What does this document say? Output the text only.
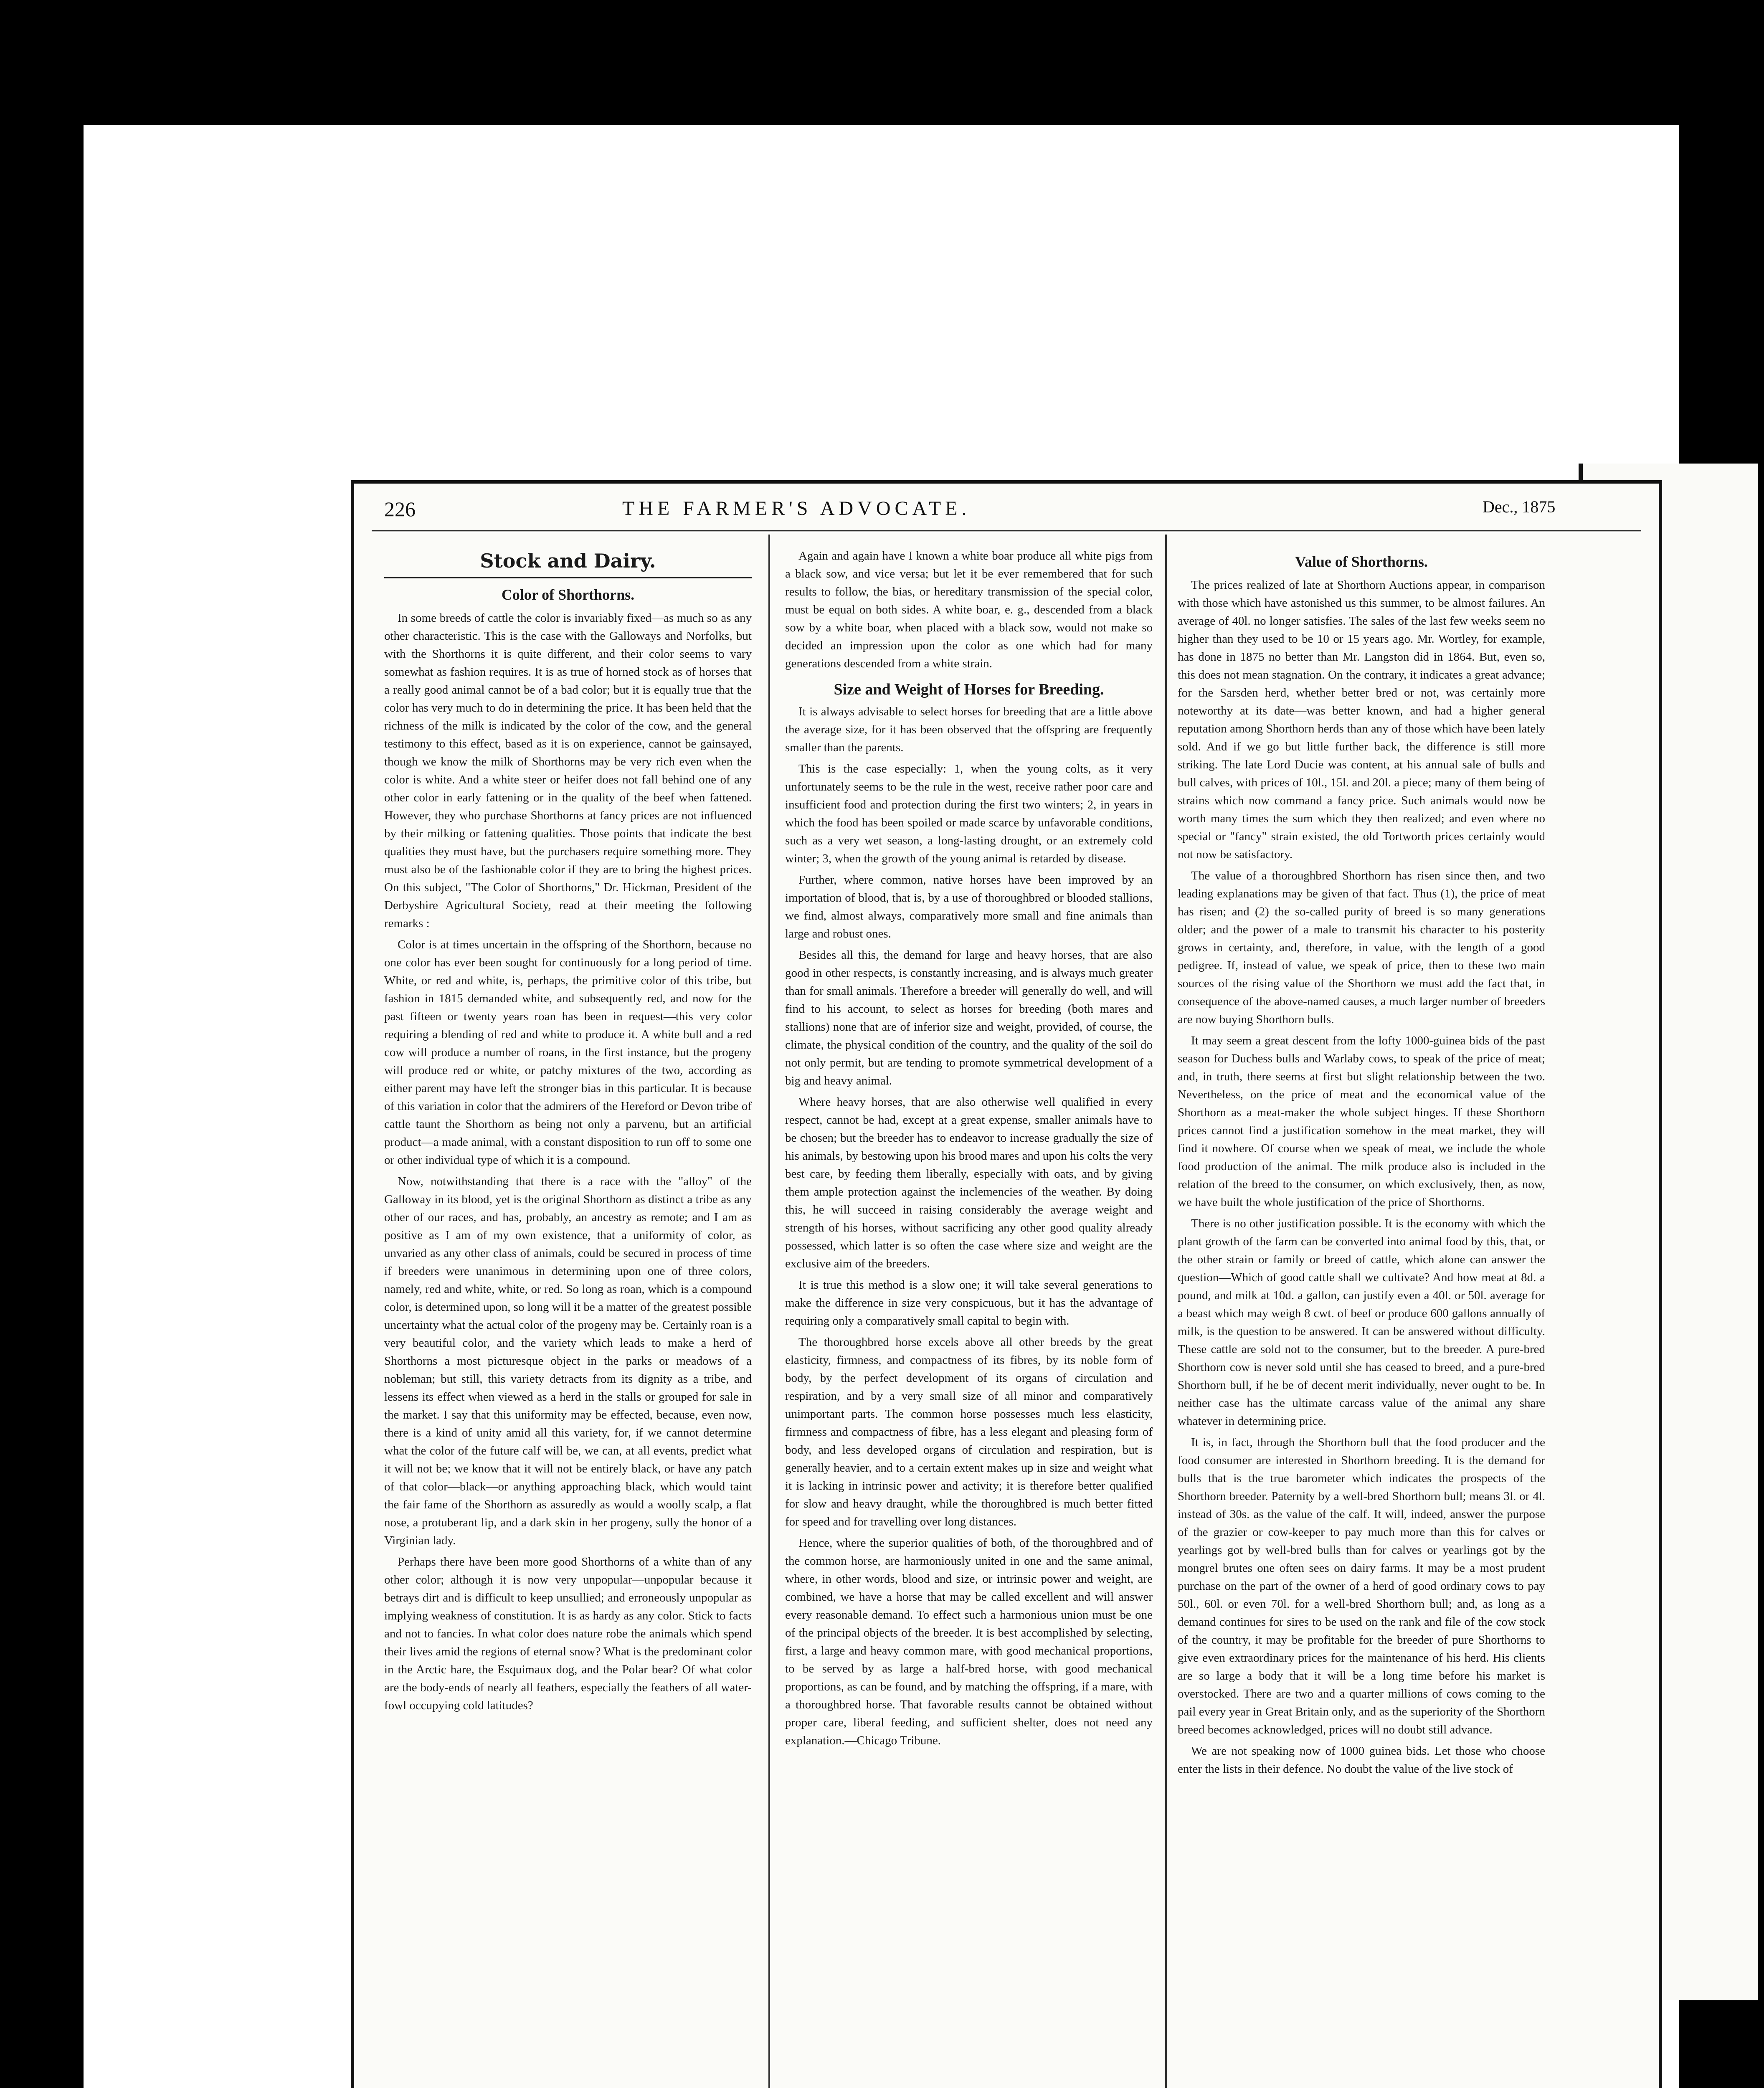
226	THE FARMER'S ADVOCATE.	Dec., 1875
Stock and Dairy.
Color of Shorthorns.

In some breeds of cattle the color is invariably fixed—as much so as any other characteristic. This is the case with the Galloways and Norfolks, but with the Shorthorns it is quite different, and their color seems to vary somewhat as fashion requires. It is as true of horned stock as of horses that a really good animal cannot be of a bad color; but it is equally true that the color has very much to do in determining the price. It has been held that the richness of the milk is indicated by the color of the cow, and the general testimony to this effect, based as it is on experience, cannot be gainsayed, though we know the milk of Shorthorns may be very rich even when the color is white. And a white steer or heifer does not fall behind one of any other color in early fattening or in the quality of the beef when fattened. However, they who purchase Shorthorns at fancy prices are not influenced by their milking or fattening qualities. Those points that indicate the best qualities they must have, but the purchasers require something more. They must also be of the fashionable color if they are to bring the highest prices. On this subject, "The Color of Shorthorns," Dr. Hickman, President of the Derbyshire Agricultural Society, read at their meeting the following remarks :

Color is at times uncertain in the offspring of the Shorthorn, because no one color has ever been sought for continuously for a long period of time. White, or red and white, is, perhaps, the primitive color of this tribe, but fashion in 1815 demanded white, and subsequently red, and now for the past fifteen or twenty years roan has been in request—this very color requiring a blending of red and white to produce it. A white bull and a red cow will produce a number of roans, in the first instance, but the progeny will produce red or white, or patchy mixtures of the two, according as either parent may have left the stronger bias in this particular. It is because of this variation in color that the admirers of the Hereford or Devon tribe of cattle taunt the Shorthorn as being not only a parvenu, but an artificial product—a made animal, with a constant disposition to run off to some one or other individual type of which it is a compound.

Now, notwithstanding that there is a race with the "alloy" of the Galloway in its blood, yet is the original Shorthorn as distinct a tribe as any other of our races, and has, probably, an ancestry as remote; and I am as positive as I am of my own existence, that a uniformity of color, as unvaried as any other class of animals, could be secured in process of time if breeders were unanimous in determining upon one of three colors, namely, red and white, white, or red. So long as roan, which is a compound color, is determined upon, so long will it be a matter of the greatest possible uncertainty what the actual color of the progeny may be. Certainly roan is a very beautiful color, and the variety which leads to make a herd of Shorthorns a most picturesque object in the parks or meadows of a nobleman; but still, this variety detracts from its dignity as a tribe, and lessens its effect when viewed as a herd in the stalls or grouped for sale in the market. I say that this uniformity may be effected, because, even now, there is a kind of unity amid all this variety, for, if we cannot determine what the color of the future calf will be, we can, at all events, predict what it will not be; we know that it will not be entirely black, or have any patch of that color—black—or anything approaching black, which would taint the fair fame of the Shorthorn as assuredly as would a woolly scalp, a flat nose, a protuberant lip, and a dark skin in her progeny, sully the honor of a Virginian lady.

Perhaps there have been more good Shorthorns of a white than of any other color; although it is now very unpopular—unpopular because it betrays dirt and is difficult to keep unsullied; and erroneously unpopular as implying weakness of constitution. It is as hardy as any color. Stick to facts and not to fancies. In what color does nature robe the animals which spend their lives amid the regions of eternal snow? What is the predominant color in the Arctic hare, the Esquimaux dog, and the Polar bear? Of what color are the body-ends of nearly all feathers, especially the feathers of all water-fowl occupying cold latitudes?

Again and again have I known a white boar produce all white pigs from a black sow, and vice versa; but let it be ever remembered that for such results to follow, the bias, or hereditary transmission of the special color, must be equal on both sides. A white boar, e. g., descended from a black sow by a white boar, when placed with a black sow, would not make so decided an impression upon the color as one which had for many generations descended from a white strain.

Size and Weight of Horses for Breeding.

It is always advisable to select horses for breeding that are a little above the average size, for it has been observed that the offspring are frequently smaller than the parents.

This is the case especially: 1, when the young colts, as it very unfortunately seems to be the rule in the west, receive rather poor care and insufficient food and protection during the first two winters; 2, in years in which the food has been spoiled or made scarce by unfavorable conditions, such as a very wet season, a long-lasting drought, or an extremely cold winter; 3, when the growth of the young animal is retarded by disease.

Further, where common, native horses have been improved by an importation of blood, that is, by a use of thoroughbred or blooded stallions, we find, almost always, comparatively more small and fine animals than large and robust ones.

Besides all this, the demand for large and heavy horses, that are also good in other respects, is constantly increasing, and is always much greater than for small animals. Therefore a breeder will generally do well, and will find to his account, to select as horses for breeding (both mares and stallions) none that are of inferior size and weight, provided, of course, the climate, the physical condition of the country, and the quality of the soil do not only permit, but are tending to promote symmetrical development of a big and heavy animal.

Where heavy horses, that are also otherwise well qualified in every respect, cannot be had, except at a great expense, smaller animals have to be chosen; but the breeder has to endeavor to increase gradually the size of his animals, by bestowing upon his brood mares and upon his colts the very best care, by feeding them liberally, especially with oats, and by giving them ample protection against the inclemencies of the weather. By doing this, he will succeed in raising considerably the average weight and strength of his horses, without sacrificing any other good quality already possessed, which latter is so often the case where size and weight are the exclusive aim of the breeders.

It is true this method is a slow one; it will take several generations to make the difference in size very conspicuous, but it has the advantage of requiring only a comparatively small capital to begin with.

The thoroughbred horse excels above all other breeds by the great elasticity, firmness, and compactness of its fibres, by its noble form of body, by the perfect development of its organs of circulation and respiration, and by a very small size of all minor and comparatively unimportant parts. The common horse possesses much less elasticity, firmness and compactness of fibre, has a less elegant and pleasing form of body, and less developed organs of circulation and respiration, but is generally heavier, and to a certain extent makes up in size and weight what it is lacking in intrinsic power and activity; it is therefore better qualified for slow and heavy draught, while the thoroughbred is much better fitted for speed and for travelling over long distances.

Hence, where the superior qualities of both, of the thoroughbred and of the common horse, are harmoniously united in one and the same animal, where, in other words, blood and size, or intrinsic power and weight, are combined, we have a horse that may be called excellent and will answer every reasonable demand. To effect such a harmonious union must be one of the principal objects of the breeder. It is best accomplished by selecting, first, a large and heavy common mare, with good mechanical proportions, to be served by as large a half-bred horse, with good mechanical proportions, as can be found, and by matching the offspring, if a mare, with a thoroughbred horse. That favorable results cannot be obtained without proper care, liberal feeding, and sufficient shelter, does not need any explanation.—Chicago Tribune.

Value of Shorthorns.

The prices realized of late at Shorthorn Auctions appear, in comparison with those which have astonished us this summer, to be almost failures. An average of 40l. no longer satisfies. The sales of the last few weeks seem no higher than they used to be 10 or 15 years ago. Mr. Wortley, for example, has done in 1875 no better than Mr. Langston did in 1864. But, even so, this does not mean stagnation. On the contrary, it indicates a great advance; for the Sarsden herd, whether better bred or not, was certainly more noteworthy at its date—was better known, and had a higher general reputation among Shorthorn herds than any of those which have been lately sold. And if we go but little further back, the difference is still more striking. The late Lord Ducie was content, at his annual sale of bulls and bull calves, with prices of 10l., 15l. and 20l. a piece; many of them being of strains which now command a fancy price. Such animals would now be worth many times the sum which they then realized; and even where no special or "fancy" strain existed, the old Tortworth prices certainly would not now be satisfactory.

The value of a thoroughbred Shorthorn has risen since then, and two leading explanations may be given of that fact. Thus (1), the price of meat has risen; and (2) the so-called purity of breed is so many generations older; and the power of a male to transmit his character to his posterity grows in certainty, and, therefore, in value, with the length of a good pedigree. If, instead of value, we speak of price, then to these two main sources of the rising value of the Shorthorn we must add the fact that, in consequence of the above-named causes, a much larger number of breeders are now buying Shorthorn bulls.

It may seem a great descent from the lofty 1000-guinea bids of the past season for Duchess bulls and Warlaby cows, to speak of the price of meat; and, in truth, there seems at first but slight relationship between the two. Nevertheless, on the price of meat and the economical value of the Shorthorn as a meat-maker the whole subject hinges. If these Shorthorn prices cannot find a justification somehow in the meat market, they will find it nowhere. Of course when we speak of meat, we include the whole food production of the animal. The milk produce also is included in the relation of the breed to the consumer, on which exclusively, then, as now, we have built the whole justification of the price of Shorthorns.

There is no other justification possible. It is the economy with which the plant growth of the farm can be converted into animal food by this, that, or the other strain or family or breed of cattle, which alone can answer the question—Which of good cattle shall we cultivate? And how meat at 8d. a pound, and milk at 10d. a gallon, can justify even a 40l. or 50l. average for a beast which may weigh 8 cwt. of beef or produce 600 gallons annually of milk, is the question to be answered. It can be answered without difficulty. These cattle are sold not to the consumer, but to the breeder. A pure-bred Shorthorn cow is never sold until she has ceased to breed, and a pure-bred Shorthorn bull, if he be of decent merit individually, never ought to be. In neither case has the ultimate carcass value of the animal any share whatever in determining price.

It is, in fact, through the Shorthorn bull that the food producer and the food consumer are interested in Shorthorn breeding. It is the demand for bulls that is the true barometer which indicates the prospects of the Shorthorn breeder. Paternity by a well-bred Shorthorn bull; means 3l. or 4l. instead of 30s. as the value of the calf. It will, indeed, answer the purpose of the grazier or cow-keeper to pay much more than this for calves or yearlings got by well-bred bulls than for calves or yearlings got by the mongrel brutes one often sees on dairy farms. It may be a most prudent purchase on the part of the owner of a herd of good ordinary cows to pay 50l., 60l. or even 70l. for a well-bred Shorthorn bull; and, as long as a demand continues for sires to be used on the rank and file of the cow stock of the country, it may be profitable for the breeder of pure Shorthorns to give even extraordinary prices for the maintenance of his herd. His clients are so large a body that it will be a long time before his market is overstocked. There are two and a quarter millions of cows coming to the pail every year in Great Britain only, and as the superiority of the Shorthorn breed becomes acknowledged, prices will no doubt still advance.

We are not speaking now of 1000 guinea bids. Let those who choose enter the lists in their defence. No doubt the value of the live stock of
